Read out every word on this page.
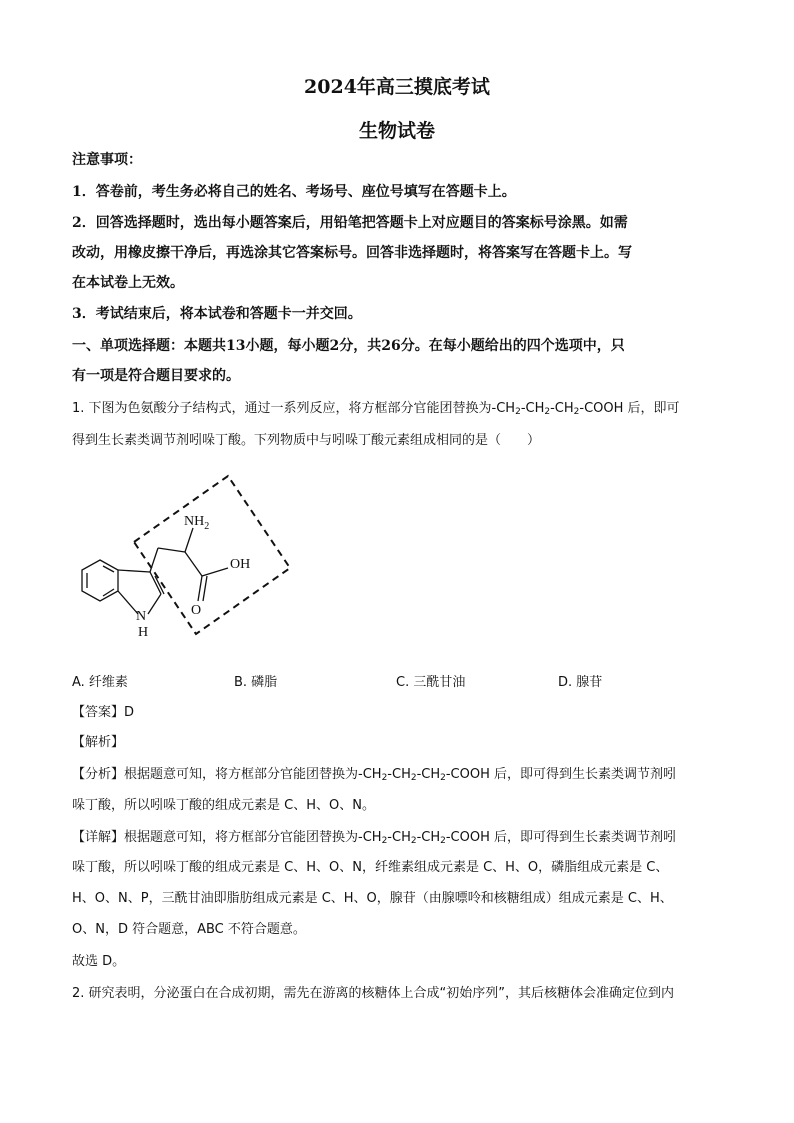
2024年高三摸底考试
生物试卷
注意事项：
1．答卷前，考生务必将自己的姓名、考场号、座位号填写在答题卡上。
2．回答选择题时，选出每小题答案后，用铅笔把答题卡上对应题目的答案标号涂黑。如需
改动，用橡皮擦干净后，再选涂其它答案标号。回答非选择题时，将答案写在答题卡上。写
在本试卷上无效。
3．考试结束后，将本试卷和答题卡一并交回。
一、单项选择题：本题共13小题，每小题2分，共26分。在每小题给出的四个选项中，只
有一项是符合题目要求的。
1. 下图为色氨酸分子结构式，通过一系列反应，将方框部分官能团替换为$-CH_2-CH_2-CH_2$-COOH 后，即可
得到生长素类调节剂吲哚丁酸。下列物质中与吲哚丁酸元素组成相同的是（　　）
$NH_2$
OH
O
N
H
A. 纤维素	B. 磷脂	C. 三酰甘油	D. 腺苷
【答案】D
【解析】
【分析】根据题意可知，将方框部分官能团替换为$-CH_2-CH_2-CH_2$-COOH 后，即可得到生长素类调节剂吲
哚丁酸，所以吲哚丁酸的组成元素是 C、H、O、N。
【详解】根据题意可知，将方框部分官能团替换为$-CH_2-CH_2-CH_2$-COOH 后，即可得到生长素类调节剂吲
哚丁酸，所以吲哚丁酸的组成元素是 C、H、O、N，纤维素组成元素是 C、H、O，磷脂组成元素是 C、
H、O、N、P，三酰甘油即脂肪组成元素是 C、H、O，腺苷（由腺嘌呤和核糖组成）组成元素是 C、H、
O、N，D 符合题意，ABC 不符合题意。
故选 D。
2. 研究表明，分泌蛋白在合成初期，需先在游离的核糖体上合成“初始序列”，其后核糖体会准确定位到内
